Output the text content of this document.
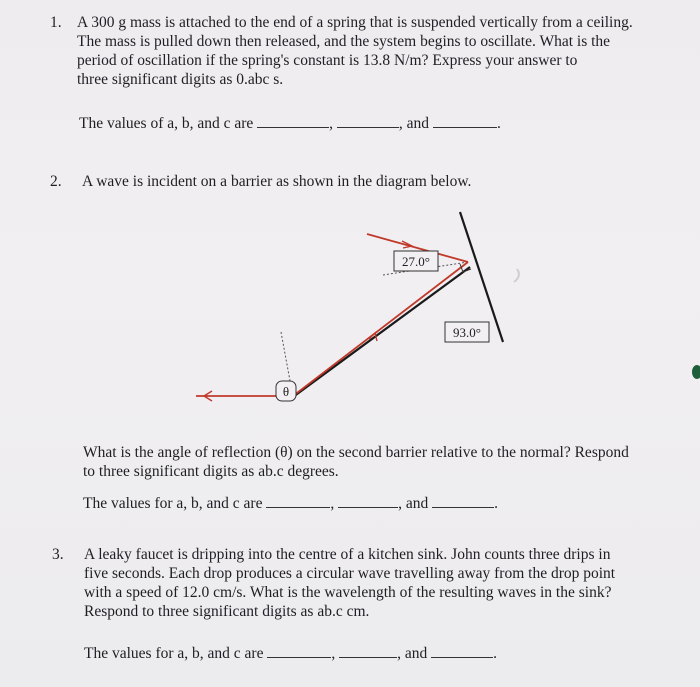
1. A 300 g mass is attached to the end of a spring that is suspended vertically from a ceiling.
The mass is pulled down then released, and the system begins to oscillate. What is the
period of oscillation if the spring's constant is 13.8 N/m? Express your answer to
three significant digits as 0.abc s.
The values of a, b, and c are	,	, and	.
2. A wave is incident on a barrier as shown in the diagram below.
27.0°
93.0°
θ
What is the angle of reflection (θ) on the second barrier relative to the normal? Respond
to three significant digits as ab.c degrees.
The values for a, b, and c are	,	, and	.
3. A leaky faucet is dripping into the centre of a kitchen sink. John counts three drips in
five seconds. Each drop produces a circular wave travelling away from the drop point
with a speed of 12.0 cm/s. What is the wavelength of the resulting waves in the sink?
Respond to three significant digits as ab.c cm.
The values for a, b, and c are	,	, and	.
